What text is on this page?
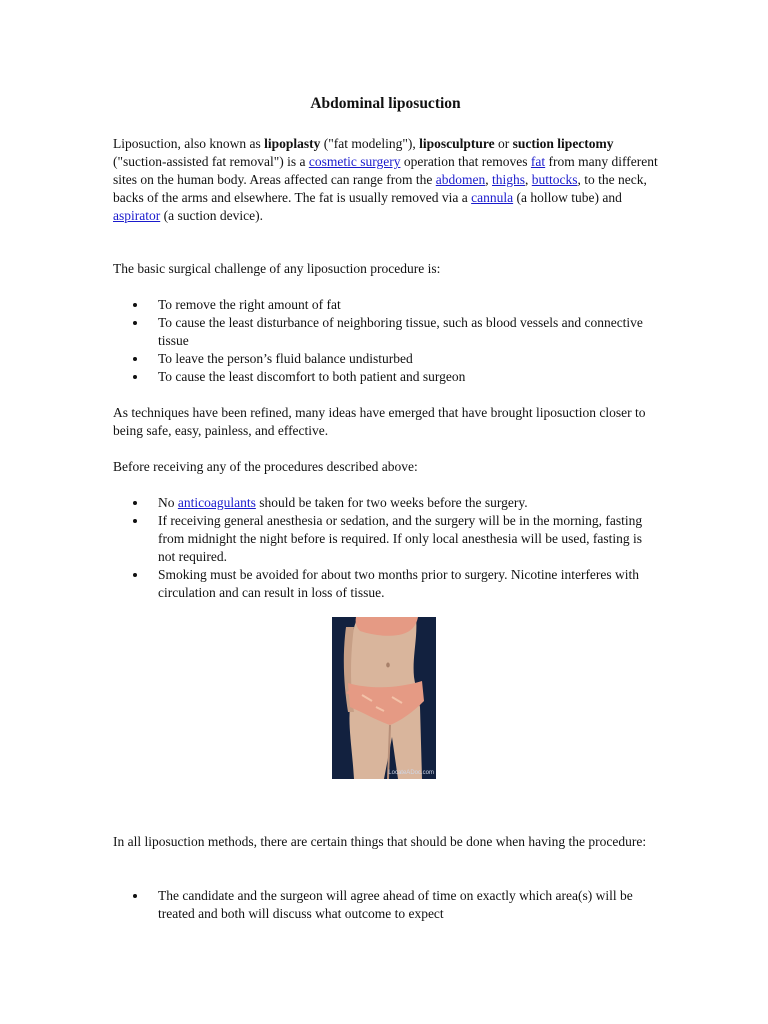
Abdominal liposuction

Liposuction, also known as lipoplasty ("fat modeling"), liposculpture or suction lipectomy ("suction-assisted fat removal") is a cosmetic surgery operation that removes fat from many different sites on the human body. Areas affected can range from the abdomen, thighs, buttocks, to the neck, backs of the arms and elsewhere. The fat is usually removed via a cannula (a hollow tube) and aspirator (a suction device).

The basic surgical challenge of any liposuction procedure is:

To remove the right amount of fat
To cause the least disturbance of neighboring tissue, such as blood vessels and connective tissue
To leave the person’s fluid balance undisturbed
To cause the least discomfort to both patient and surgeon

As techniques have been refined, many ideas have emerged that have brought liposuction closer to being safe, easy, painless, and effective.

Before receiving any of the procedures described above:

No anticoagulants should be taken for two weeks before the surgery.
If receiving general anesthesia or sedation, and the surgery will be in the morning, fasting from midnight the night before is required. If only local anesthesia will be used, fasting is not required.
Smoking must be avoided for about two months prior to surgery. Nicotine interferes with circulation and can result in loss of tissue.

In all liposuction methods, there are certain things that should be done when having the procedure:

The candidate and the surgeon will agree ahead of time on exactly which area(s) will be treated and both will discuss what outcome to expect
LocateADoc.com
